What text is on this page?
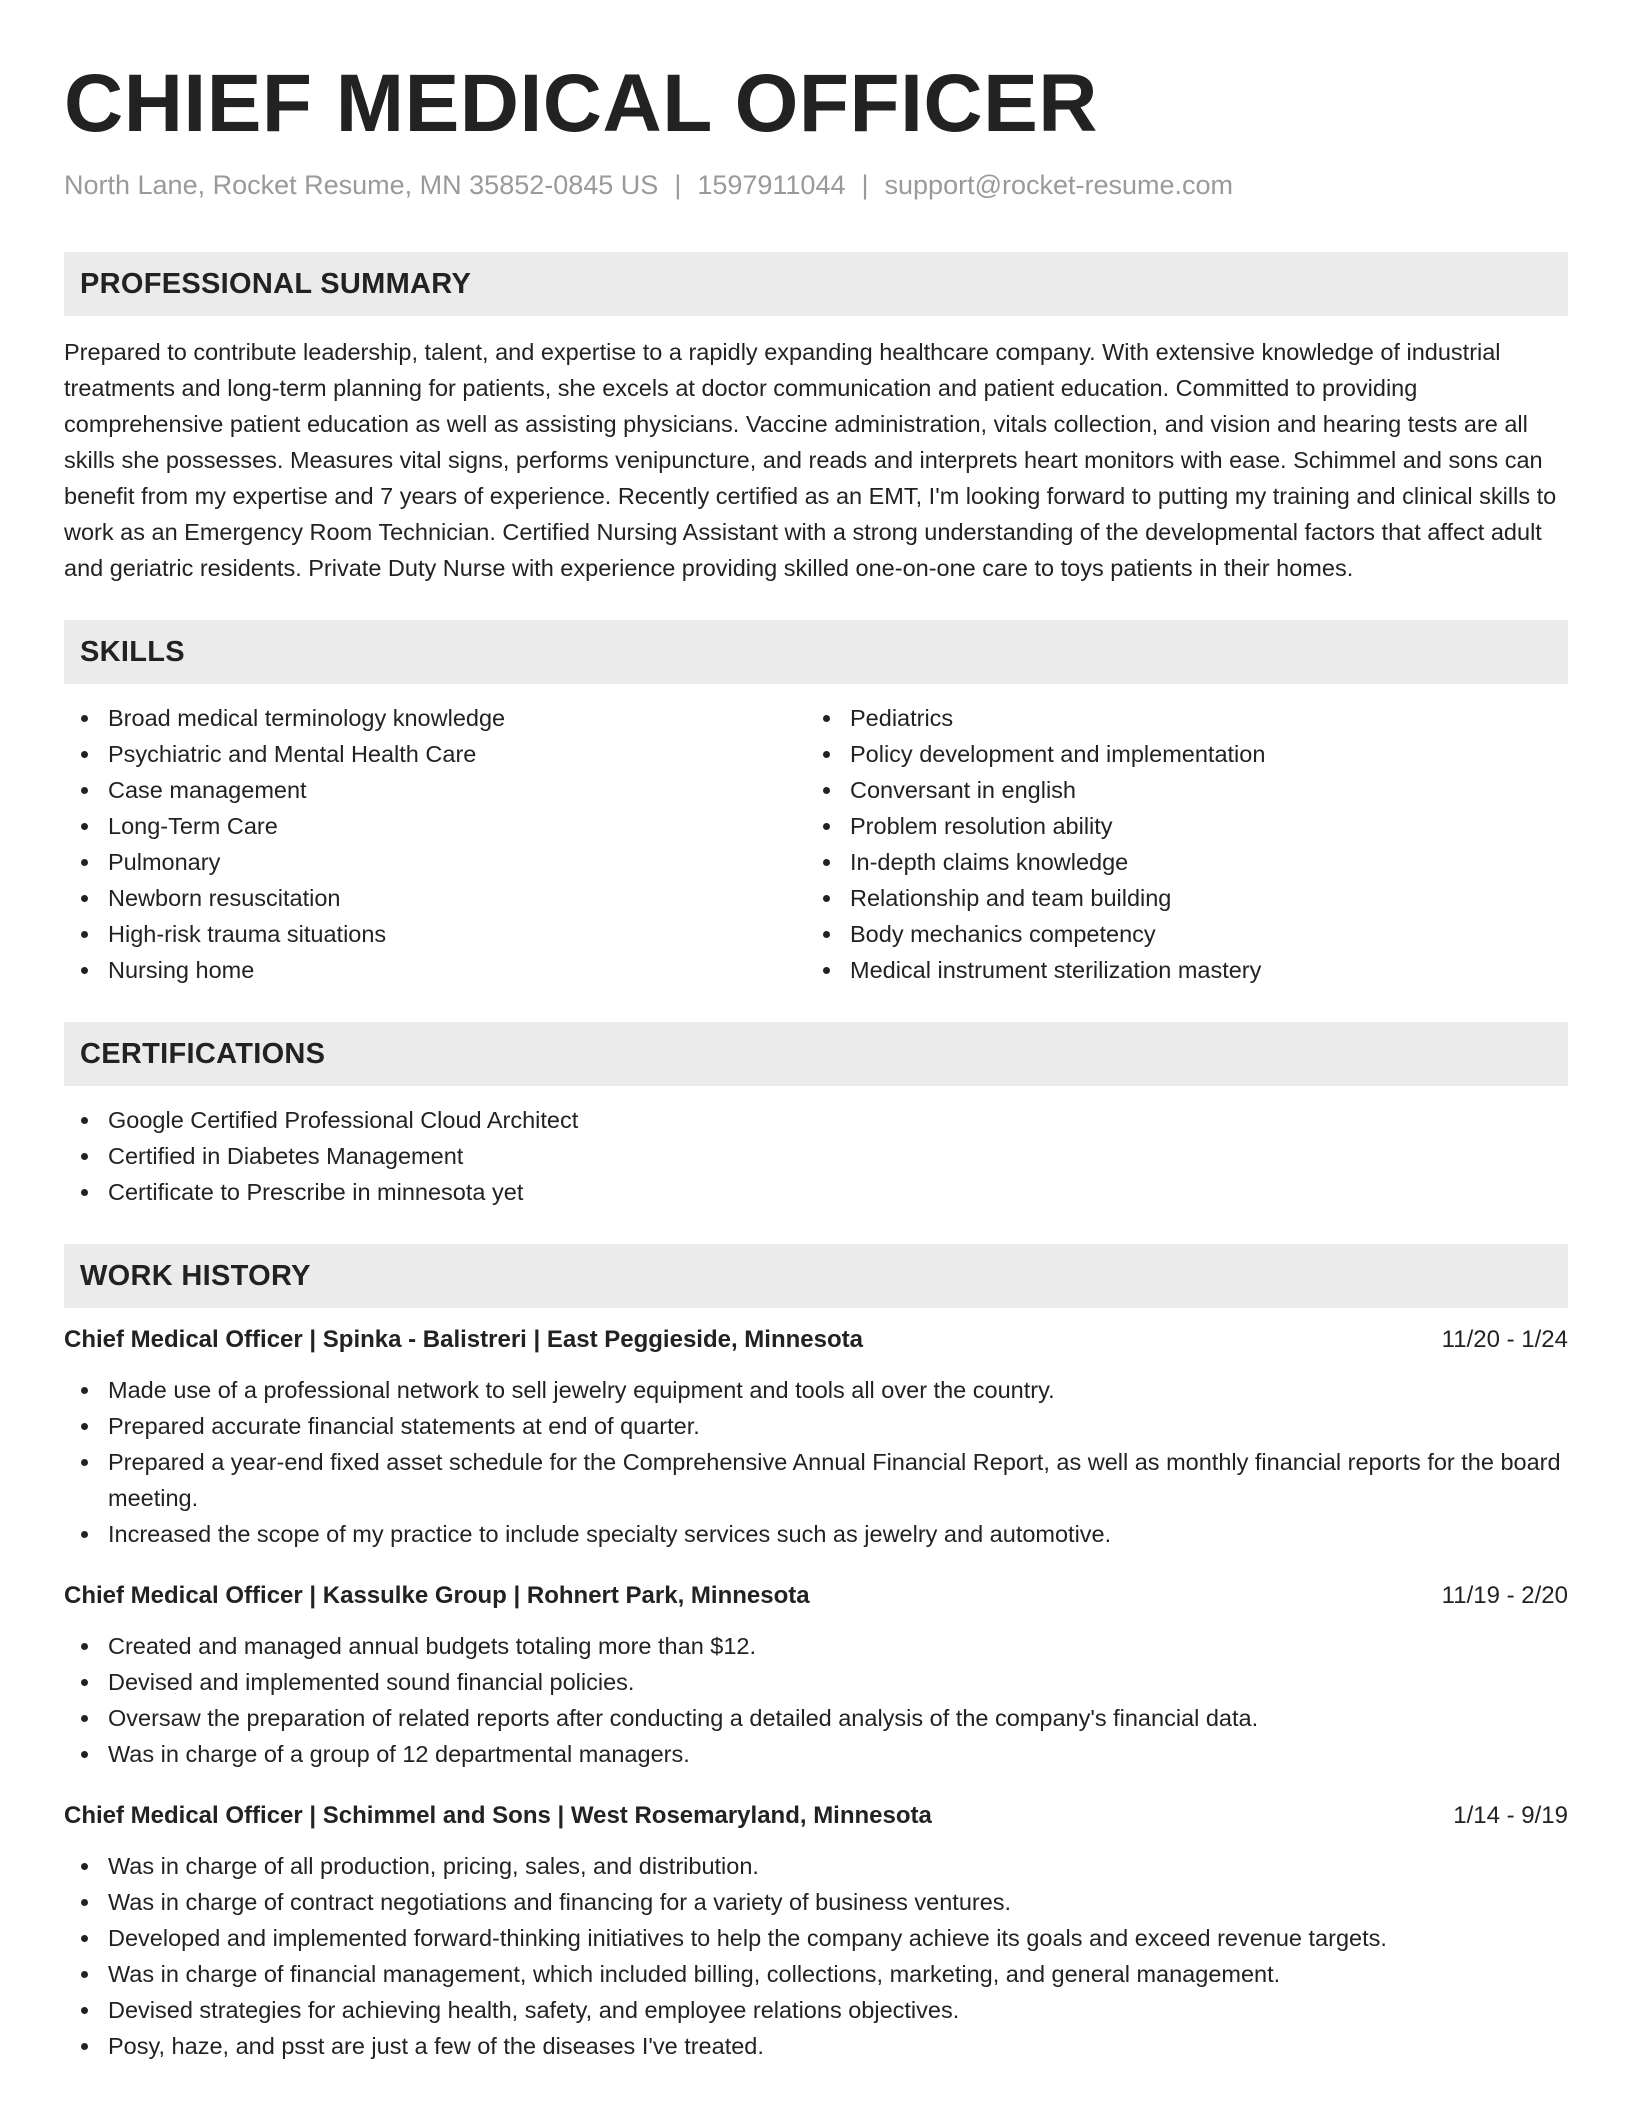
CHIEF MEDICAL OFFICER
North Lane, Rocket Resume, MN 35852-0845 US | 1597911044 | support@rocket-resume.com
PROFESSIONAL SUMMARY

Prepared to contribute leadership, talent, and expertise to a rapidly expanding healthcare company. With extensive knowledge of industrial treatments and long-term planning for patients, she excels at doctor communication and patient education. Committed to providing comprehensive patient education as well as assisting physicians. Vaccine administration, vitals collection, and vision and hearing tests are all skills she possesses. Measures vital signs, performs venipuncture, and reads and interprets heart monitors with ease. Schimmel and sons can benefit from my expertise and 7 years of experience. Recently certified as an EMT, I'm looking forward to putting my training and clinical skills to work as an Emergency Room Technician. Certified Nursing Assistant with a strong understanding of the developmental factors that affect adult and geriatric residents. Private Duty Nurse with experience providing skilled one-on-one care to toys patients in their homes.

SKILLS
Broad medical terminology knowledge
Psychiatric and Mental Health Care
Case management
Long-Term Care
Pulmonary
Newborn resuscitation
High-risk trauma situations
Nursing home
Pediatrics
Policy development and implementation
Conversant in english
Problem resolution ability
In-depth claims knowledge
Relationship and team building
Body mechanics competency
Medical instrument sterilization mastery
CERTIFICATIONS
Google Certified Professional Cloud Architect
Certified in Diabetes Management
Certificate to Prescribe in minnesota yet
WORK HISTORY
Chief Medical Officer | Spinka - Balistreri | East Peggieside, Minnesota	11/20 - 1/24
Made use of a professional network to sell jewelry equipment and tools all over the country.
Prepared accurate financial statements at end of quarter.
Prepared a year-end fixed asset schedule for the Comprehensive Annual Financial Report, as well as monthly financial reports for the board meeting.
Increased the scope of my practice to include specialty services such as jewelry and automotive.
Chief Medical Officer | Kassulke Group | Rohnert Park, Minnesota	11/19 - 2/20
Created and managed annual budgets totaling more than $12.
Devised and implemented sound financial policies.
Oversaw the preparation of related reports after conducting a detailed analysis of the company's financial data.
Was in charge of a group of 12 departmental managers.
Chief Medical Officer | Schimmel and Sons | West Rosemaryland, Minnesota	1/14 - 9/19
Was in charge of all production, pricing, sales, and distribution.
Was in charge of contract negotiations and financing for a variety of business ventures.
Developed and implemented forward-thinking initiatives to help the company achieve its goals and exceed revenue targets.
Was in charge of financial management, which included billing, collections, marketing, and general management.
Devised strategies for achieving health, safety, and employee relations objectives.
Posy, haze, and psst are just a few of the diseases I've treated.
